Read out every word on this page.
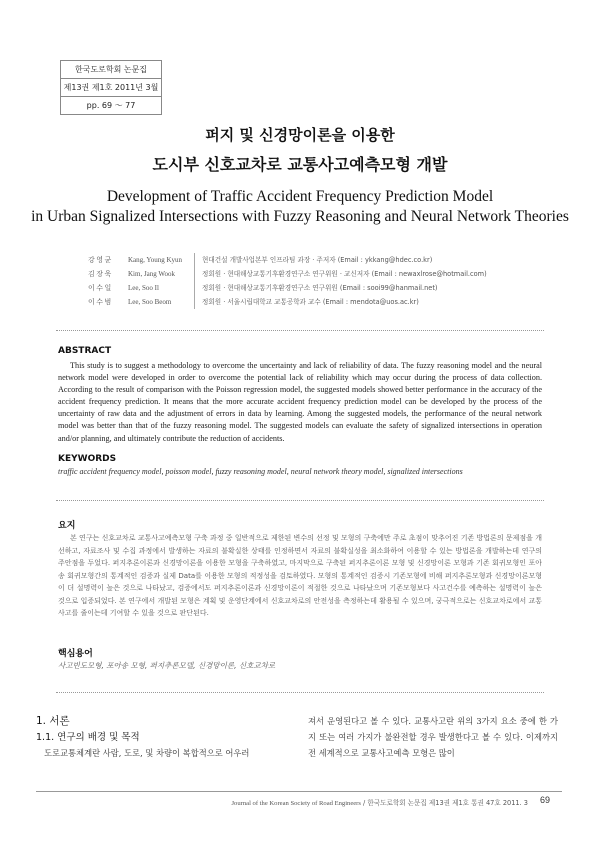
한국도로학회 논문집
제13권 제1호 2011년 3월
pp. 69 ～ 77
퍼지 및 신경망이론을 이용한
도시부 신호교차로 교통사고예측모형 개발
Development of Traffic Accident Frequency Prediction Model
in Urban Signalized Intersections with Fuzzy Reasoning and Neural Network Theories
강영균	Kang, Young Kyun	현대건설 개발사업본부 인프라팀 과장 · 주저자 (Email : ykkang@hdec.co.kr)
김장욱	Kim, Jang Wook	정회원 · 현대해상교통기후환경연구소 연구위원 · 교신저자 (Email : newaxlrose@hotmail.com)
이수일	Lee, Soo Il	정회원 · 현대해상교통기후환경연구소 연구위원 (Email : sooi99@hanmail.net)
이수범	Lee, Soo Beom	정회원 · 서울시립대학교 교통공학과 교수 (Email : mendota@uos.ac.kr)
ABSTRACT

This study is to suggest a methodology to overcome the uncertainty and lack of reliability of data. The fuzzy reasoning model and the neural network model were developed in order to overcome the potential lack of reliability which may occur during the process of data collection. According to the result of comparison with the Poisson regression model, the suggested models showed better performance in the accuracy of the accident frequency prediction. It means that the more accurate accident frequency prediction model can be developed by the process of the uncertainty of raw data and the adjustment of errors in data by learning. Among the suggested models, the performance of the neural network model was better than that of the fuzzy reasoning model. The suggested models can evaluate the safety of signalized intersections in operation and/or planning, and ultimately contribute the reduction of accidents.

KEYWORDS
traffic accident frequency model, poisson model, fuzzy reasoning model, neural network theory model, signalized intersections
요지

본 연구는 신호교차로 교통사고예측모형 구축 과정 중 일반적으로 제한된 변수의 선정 및 모형의 구축에만 주로 초점이 맞추어진 기존 방법론의 문제점을 개선하고, 자료조사 및 수집 과정에서 발생하는 자료의 불확실한 상태를 인정하면서 자료의 불확실성을 최소화하여 이용할 수 있는 방법론을 개발하는데 연구의 주안점을 두었다. 퍼지추론이론과 신경망이론을 이용한 모형을 구축하였고, 마지막으로 구축된 퍼지추론이론 모형 및 신경망이론 모형과 기존 회귀모형인 포아송 회귀모형간의 통계적인 검증과 실제 Data를 이용한 모형의 적정성을 검토하였다. 모형의 통계적인 검증시 기존모형에 비해 퍼지추론모형과 신경망이론모형이 더 설명력이 높은 것으로 나타났고, 검증에서도 퍼지추론이론과 신경망이론이 적절한 것으로 나타났으며 기존모형보다 사고건수를 예측하는 설명력이 높은 것으로 입증되었다. 본 연구에서 개발된 모형은 계획 및 운영단계에서 신호교차로의 안전성을 측정하는데 활용될 수 있으며, 궁극적으로는 신호교차로에서 교통사고를 줄이는데 기여할 수 있을 것으로 판단된다.

핵심용어
사고빈도모형, 포아송 모형, 퍼지추론모델, 신경망이론, 신호교차로
1. 서론
1.1. 연구의 배경 및 목적

도로교통체계란 사람, 도로, 및 차량이 복합적으로 어우러

져서 운영된다고 볼 수 있다. 교통사고란 위의 3가지 요소 중에 한 가지 또는 여러 가지가 불완전할 경우 발생한다고 볼 수 있다. 이제까지 전 세계적으로 교통사고예측 모형은 많이

Journal of the Korean Society of Road Engineers / 한국도로학회 논문집 제13권 제1호 통권 47호 2011. 3 69
